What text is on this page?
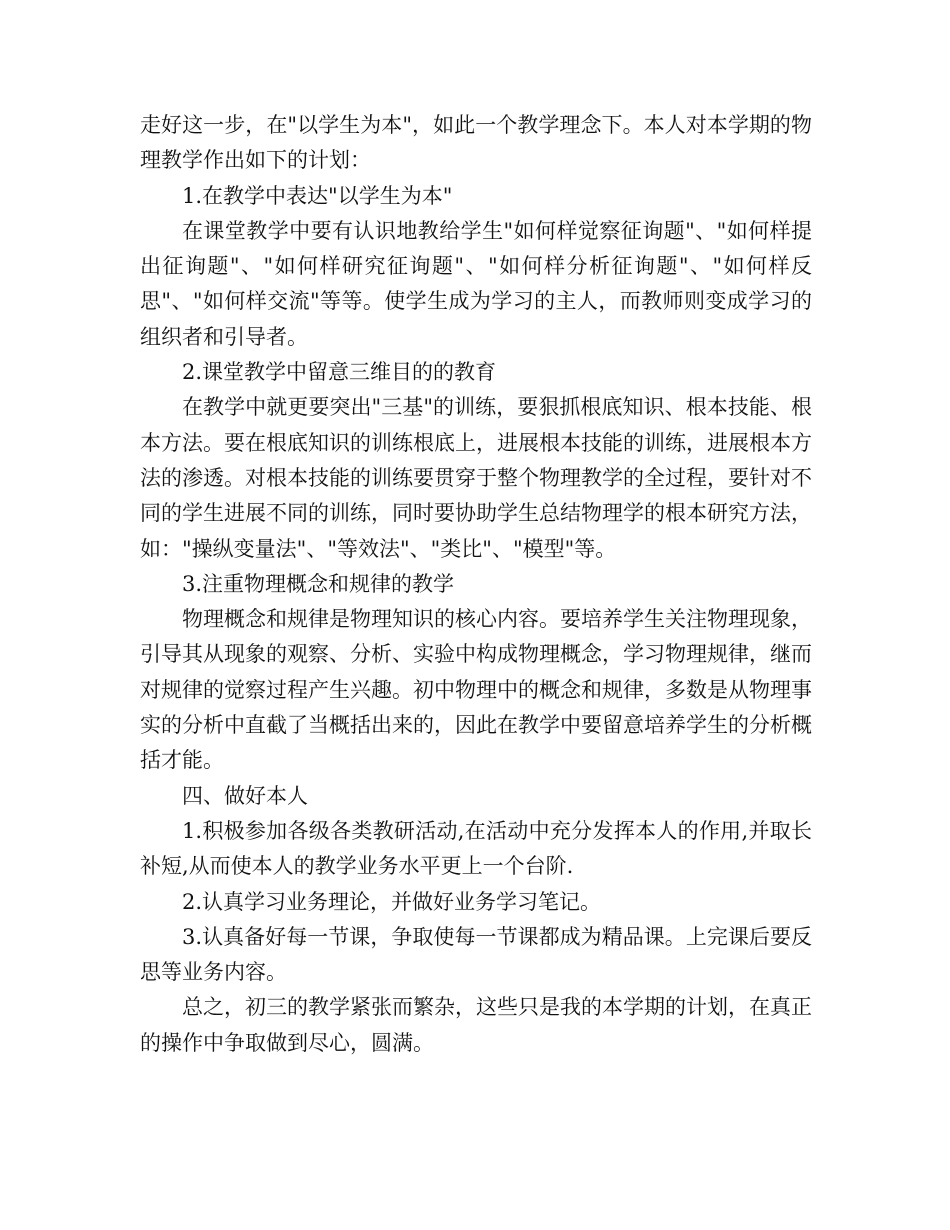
走好这一步，在"以学生为本"，如此一个教学理念下。本人对本学期的物理教学作出如下的计划：

1.在教学中表达"以学生为本"

在课堂教学中要有认识地教给学生"如何样觉察征询题"、"如何样提出征询题"、"如何样研究征询题"、"如何样分析征询题"、"如何样反思"、"如何样交流"等等。使学生成为学习的主人，而教师则变成学习的组织者和引导者。

2.课堂教学中留意三维目的的教育

在教学中就更要突出"三基"的训练，要狠抓根底知识、根本技能、根本方法。要在根底知识的训练根底上，进展根本技能的训练，进展根本方法的渗透。对根本技能的训练要贯穿于整个物理教学的全过程，要针对不同的学生进展不同的训练，同时要协助学生总结物理学的根本研究方法，如："操纵变量法"、"等效法"、"类比"、"模型"等。

3.注重物理概念和规律的教学

物理概念和规律是物理知识的核心内容。要培养学生关注物理现象，引导其从现象的观察、分析、实验中构成物理概念，学习物理规律，继而对规律的觉察过程产生兴趣。初中物理中的概念和规律，多数是从物理事实的分析中直截了当概括出来的，因此在教学中要留意培养学生的分析概括才能。

四、做好本人

1.积极参加各级各类教研活动,在活动中充分发挥本人的作用,并取长补短,从而使本人的教学业务水平更上一个台阶.

2.认真学习业务理论，并做好业务学习笔记。

3.认真备好每一节课，争取使每一节课都成为精品课。上完课后要反思等业务内容。

总之，初三的教学紧张而繁杂，这些只是我的本学期的计划，在真正的操作中争取做到尽心，圆满。
